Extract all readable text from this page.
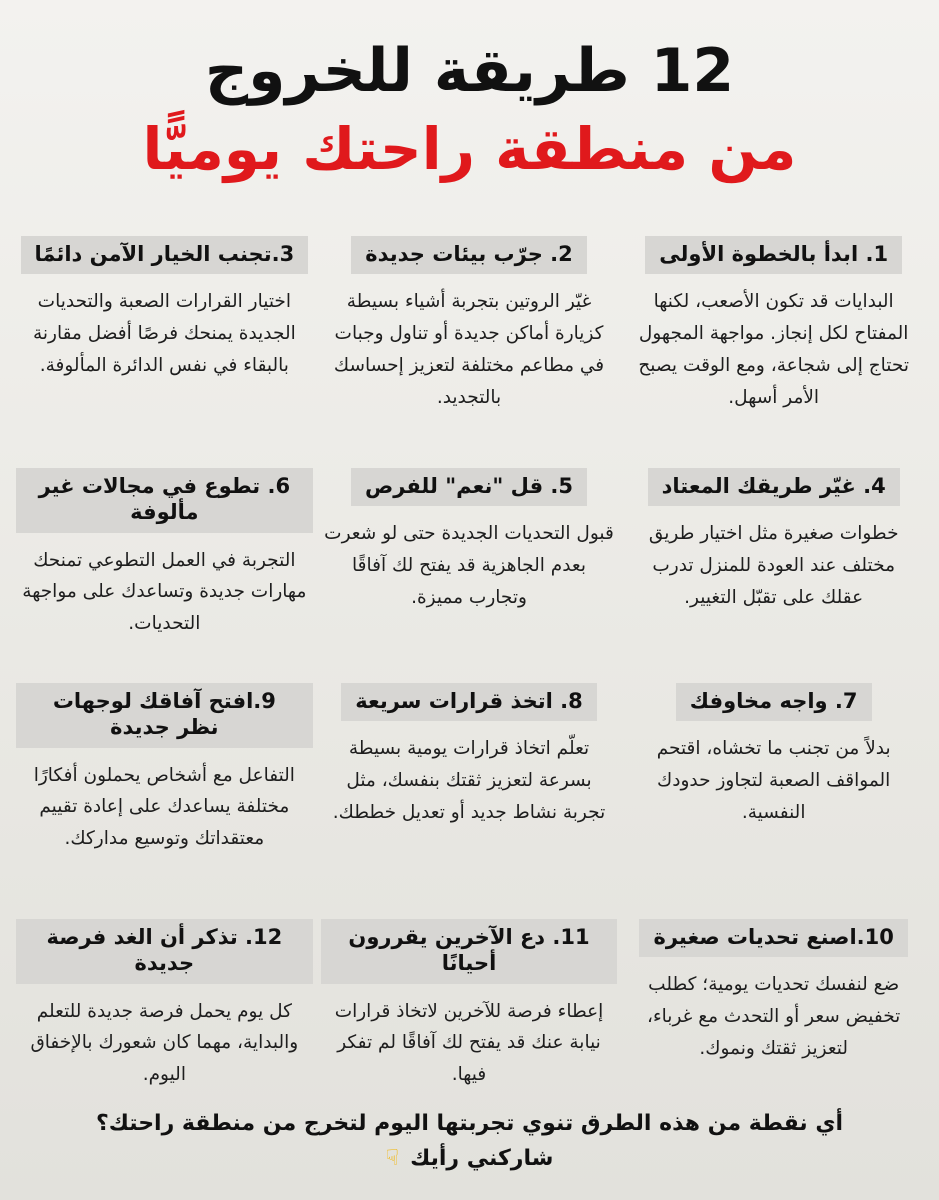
12 طريقة للخروج
من منطقة راحتك يوميًّا
1. ابدأ بالخطوة الأولى
البدايات قد تكون الأصعب، لكنها المفتاح لكل إنجاز. مواجهة المجهول تحتاج إلى شجاعة، ومع الوقت يصبح الأمر أسهل.
2. جرّب بيئات جديدة
غيّر الروتين بتجربة أشياء بسيطة كزيارة أماكن جديدة أو تناول وجبات في مطاعم مختلفة لتعزيز إحساسك بالتجديد.
3.تجنب الخيار الآمن دائمًا
اختيار القرارات الصعبة والتحديات الجديدة يمنحك فرصًا أفضل مقارنة بالبقاء في نفس الدائرة المألوفة.
4. غيّر طريقك المعتاد
خطوات صغيرة مثل اختيار طريق مختلف عند العودة للمنزل تدرب عقلك على تقبّل التغيير.
5. قل "نعم" للفرص
قبول التحديات الجديدة حتى لو شعرت بعدم الجاهزية قد يفتح لك آفاقًا وتجارب مميزة.
6. تطوع في مجالات غير مألوفة
التجربة في العمل التطوعي تمنحك مهارات جديدة وتساعدك على مواجهة التحديات.
7. واجه مخاوفك
بدلاً من تجنب ما تخشاه، اقتحم المواقف الصعبة لتجاوز حدودك النفسية.
8. اتخذ قرارات سريعة
تعلّم اتخاذ قرارات يومية بسيطة بسرعة لتعزيز ثقتك بنفسك، مثل تجربة نشاط جديد أو تعديل خططك.
9.افتح آفاقك لوجهات نظر جديدة
التفاعل مع أشخاص يحملون أفكارًا مختلفة يساعدك على إعادة تقييم معتقداتك وتوسيع مداركك.
10.اصنع تحديات صغيرة
ضع لنفسك تحديات يومية؛ كطلب تخفيض سعر أو التحدث مع غرباء، لتعزيز ثقتك ونموك.
11. دع الآخرين يقررون أحيانًا
إعطاء فرصة للآخرين لاتخاذ قرارات نيابة عنك قد يفتح لك آفاقًا لم تفكر فيها.
12. تذكر أن الغد فرصة جديدة
كل يوم يحمل فرصة جديدة للتعلم والبداية، مهما كان شعورك بالإخفاق اليوم.
أي نقطة من هذه الطرق تنوي تجربتها اليوم لتخرج من منطقة راحتك؟
شاركني رأيك ☟
